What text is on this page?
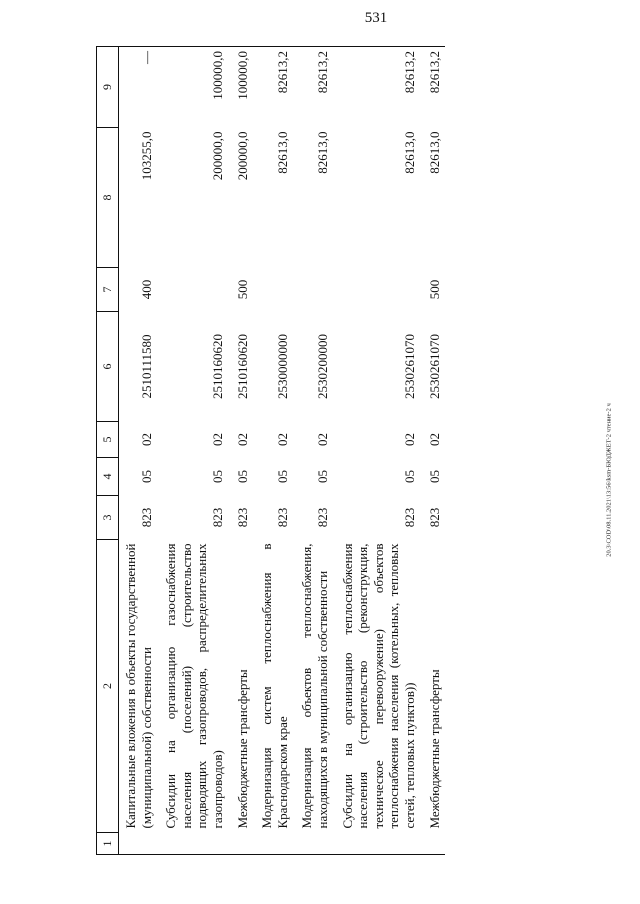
531
1	2	3	4	5	6	7	8	9
	Капитальные вложения в объекты государственной (муниципальной) собственности	823	05	02	2510111580	400	103255,0	—
	Субсидии на организацию газоснабжения населения (поселений) (строительство подводящих газопроводов, распределительных газопроводов)	823	05	02	2510160620		200000,0	100000,0
	Межбюджетные трансферты	823	05	02	2510160620	500	200000,0	100000,0
	Модернизация систем теплоснабжения в Краснодарском крае	823	05	02	2530000000		82613,0	82613,2
	Модернизация объектов теплоснабжения, находящихся в муниципальной собственности	823	05	02	2530200000		82613,0	82613,2
	Субсидии на организацию теплоснабжения населения (строительство (реконструкция, техническое перевооружение) объектов теплоснабжения населения (котельных, тепловых сетей, тепловых пунктов))	823	05	02	2530261070		82613,0	82613,2
	Межбюджетные трансферты	823	05	02	2530261070	500	82613,0	82613,2
20.3\COD\08.11.2021\13:56\ksm-БЮДЖЕТ-2 чтение-2 ч
